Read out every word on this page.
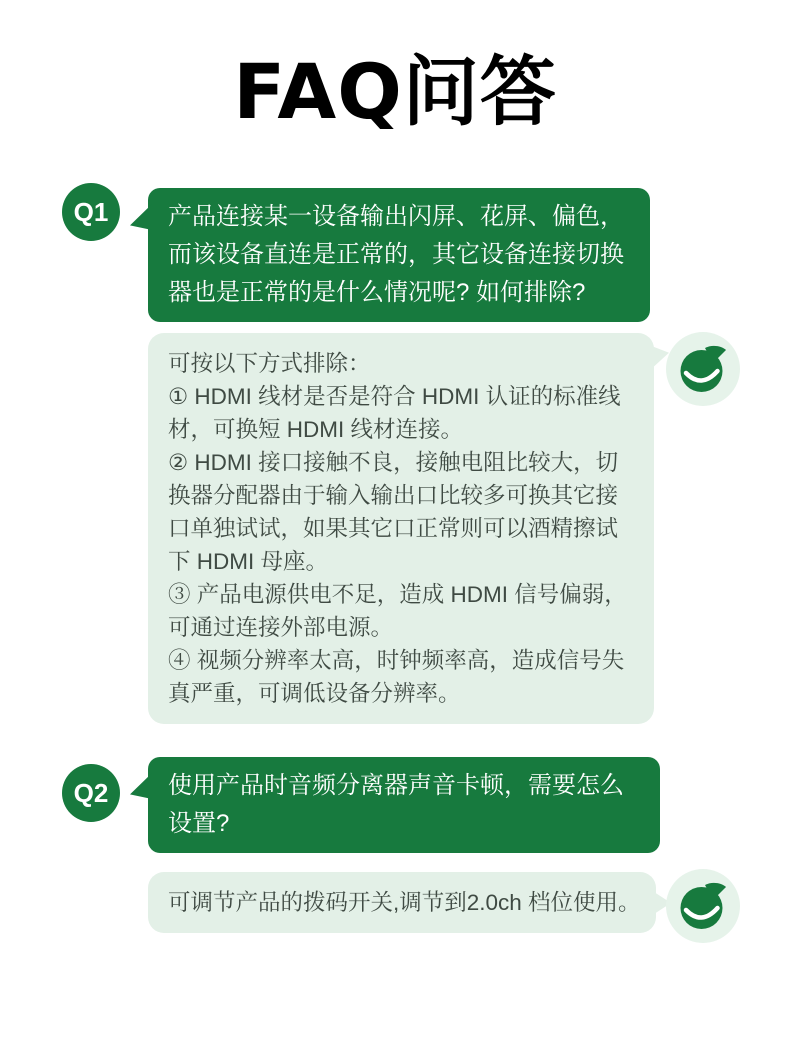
FAQ问答
Q1	产品连接某一设备输出闪屏、花屏、偏色，
而该设备直连是正常的，其它设备连接切换
器也是正常的是什么情况呢? 如何排除?
可按以下方式排除：
① HDMI 线材是否是符合 HDMI 认证的标准线
材，可换短 HDMI 线材连接。
② HDMI 接口接触不良，接触电阻比较大，切
换器分配器由于输入输出口比较多可换其它接
口单独试试，如果其它口正常则可以酒精擦试
下 HDMI 母座。
③ 产品电源供电不足，造成 HDMI 信号偏弱，
可通过连接外部电源。
④ 视频分辨率太高，时钟频率高，造成信号失
真严重，可调低设备分辨率。
Q2	使用产品时音频分离器声音卡顿，需要怎么
设置?
可调节产品的拨码开关,调节到2.0ch 档位使用。
